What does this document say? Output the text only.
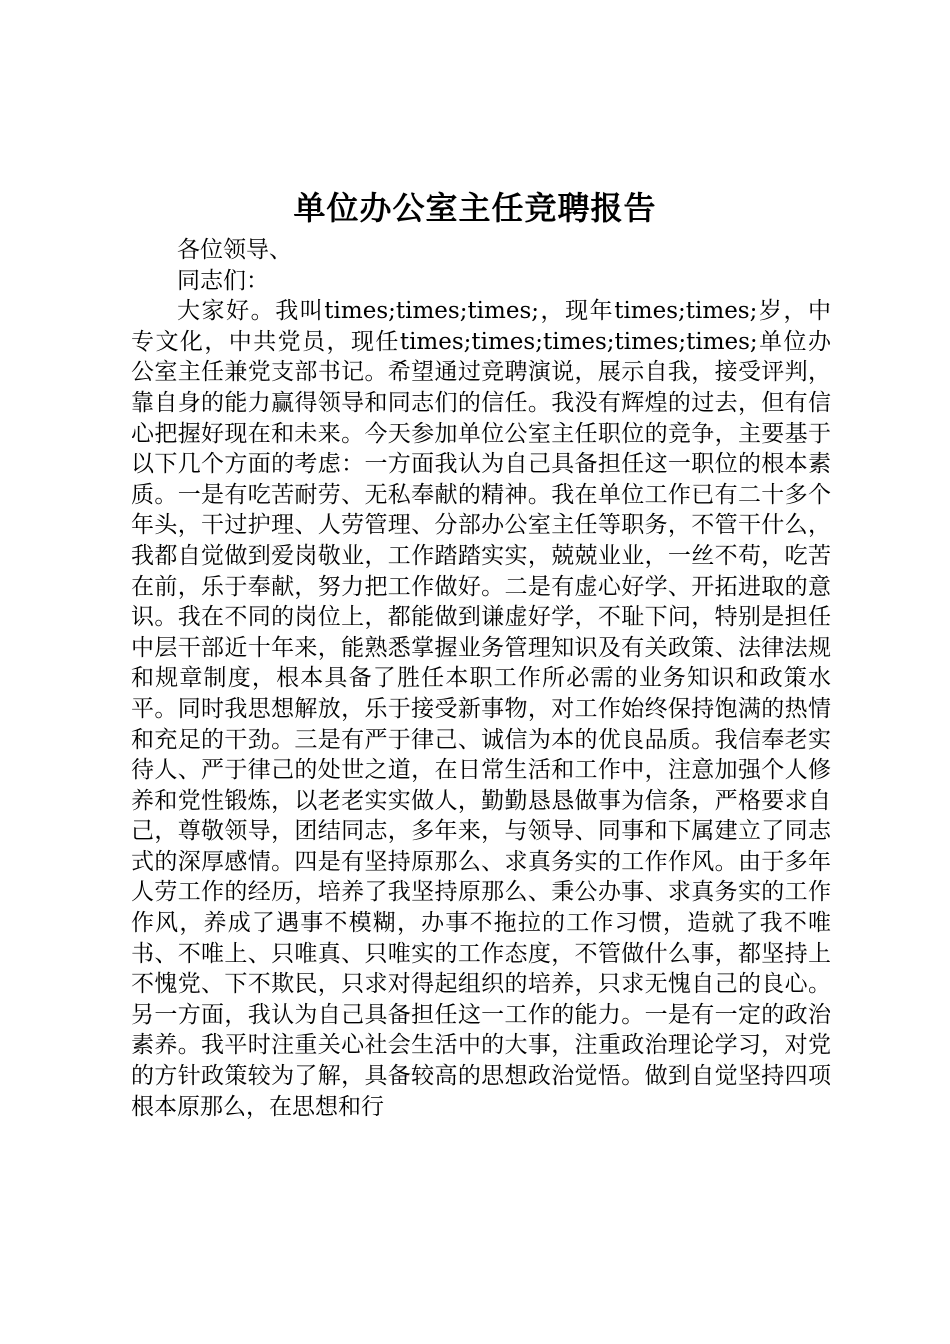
单位办公室主任竞聘报告

各位领导、

同志们：

大家好。我叫times;times;times;，现年times;times;岁，中专文化，中共党员，现任times;times;times;times;times;单位办公室主任兼党支部书记。希望通过竞聘演说，展示自我，接受评判，靠自身的能力赢得领导和同志们的信任。我没有辉煌的过去，但有信心把握好现在和未来。今天参加单位公室主任职位的竞争，主要基于以下几个方面的考虑：一方面我认为自己具备担任这一职位的根本素质。一是有吃苦耐劳、无私奉献的精神。我在单位工作已有二十多个年头，干过护理、人劳管理、分部办公室主任等职务，不管干什么，我都自觉做到爱岗敬业，工作踏踏实实，兢兢业业，一丝不苟，吃苦在前，乐于奉献，努力把工作做好。二是有虚心好学、开拓进取的意识。我在不同的岗位上，都能做到谦虚好学，不耻下问，特别是担任中层干部近十年来，能熟悉掌握业务管理知识及有关政策、法律法规和规章制度，根本具备了胜任本职工作所必需的业务知识和政策水平。同时我思想解放，乐于接受新事物，对工作始终保持饱满的热情和充足的干劲。三是有严于律己、诚信为本的优良品质。我信奉老实待人、严于律己的处世之道，在日常生活和工作中，注意加强个人修养和党性锻炼，以老老实实做人，勤勤恳恳做事为信条，严格要求自己，尊敬领导，团结同志，多年来，与领导、同事和下属建立了同志式的深厚感情。四是有坚持原那么、求真务实的工作作风。由于多年人劳工作的经历，培养了我坚持原那么、秉公办事、求真务实的工作作风，养成了遇事不模糊，办事不拖拉的工作习惯，造就了我不唯书、不唯上、只唯真、只唯实的工作态度，不管做什么事，都坚持上不愧党、下不欺民，只求对得起组织的培养，只求无愧自己的良心。另一方面，我认为自己具备担任这一工作的能力。一是有一定的政治素养。我平时注重关心社会生活中的大事，注重政治理论学习，对党的方针政策较为了解，具备较高的思想政治觉悟。做到自觉坚持四项根本原那么，在思想和行
